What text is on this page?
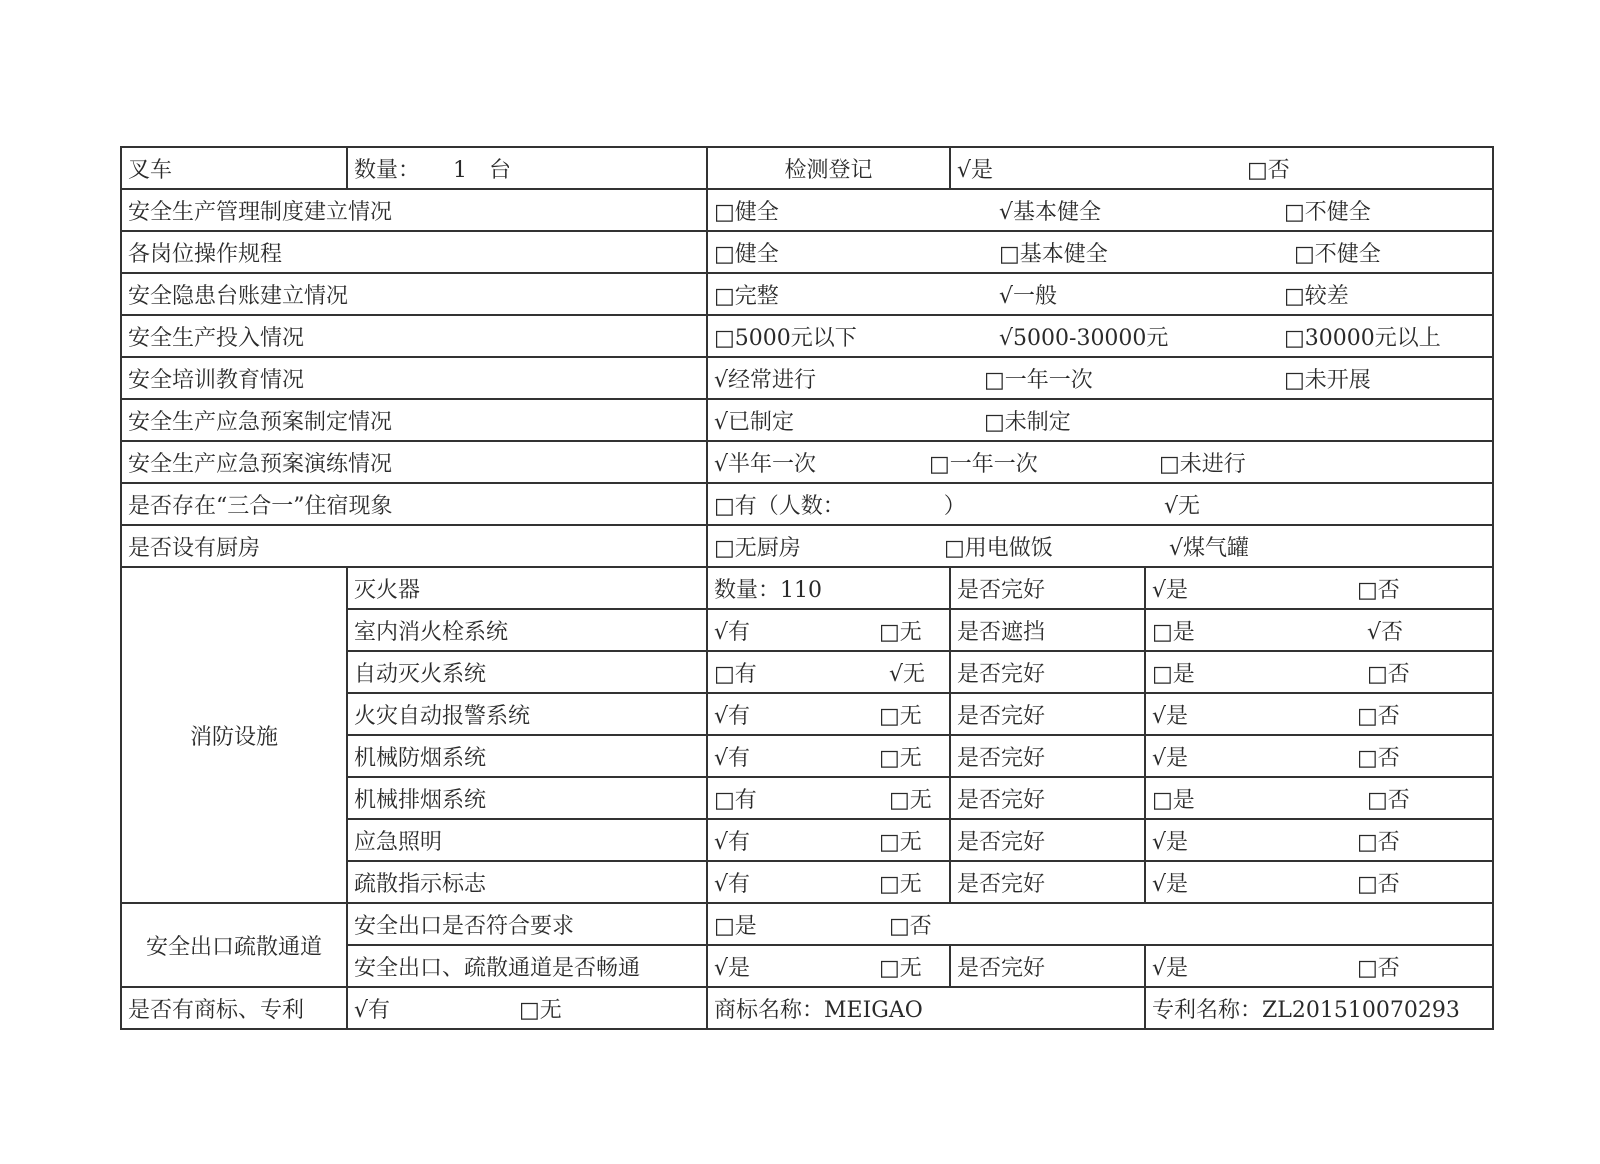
叉车	数量：　　1　台	检测登记	√是 □否	

安全生产管理制度建立情况		□健全 √基本健全 □不健全		

各岗位操作规程		□健全 □基本健全 □不健全		

安全隐患台账建立情况		□完整 √一般 □较差		

安全生产投入情况		□5000元以下 √5000-30000元 □30000元以上		

安全培训教育情况		√经常进行 □一年一次 □未开展		

安全生产应急预案制定情况		√已制定 □未制定		

安全生产应急预案演练情况		√半年一次 □一年一次 □未进行		

是否存在“三合一”住宿现象		□有（人数：　　　　　） √无		

是否设有厨房		□无厨房 □用电做饭 √煤气罐		

消防设施	灭火器	数量：110	是否完好	√是 □否

	室内消火栓系统	√有 □无	是否遮挡	□是 √否

	自动灭火系统	□有 √无	是否完好	□是 □否

	火灾自动报警系统	√有 □无	是否完好	√是 □否

	机械防烟系统	√有 □无	是否完好	√是 □否

	机械排烟系统	□有 □无	是否完好	□是 □否

	应急照明	√有 □无	是否完好	√是 □否

	疏散指示标志	√有 □无	是否完好	√是 □否

安全出口疏散通道	安全出口是否符合要求	□是 □否		

	安全出口、疏散通道是否畅通	√是 □无	是否完好	√是 □否

是否有商标、专利	√有 □无	商标名称：MEIGAO		专利名称：ZL201510070293
